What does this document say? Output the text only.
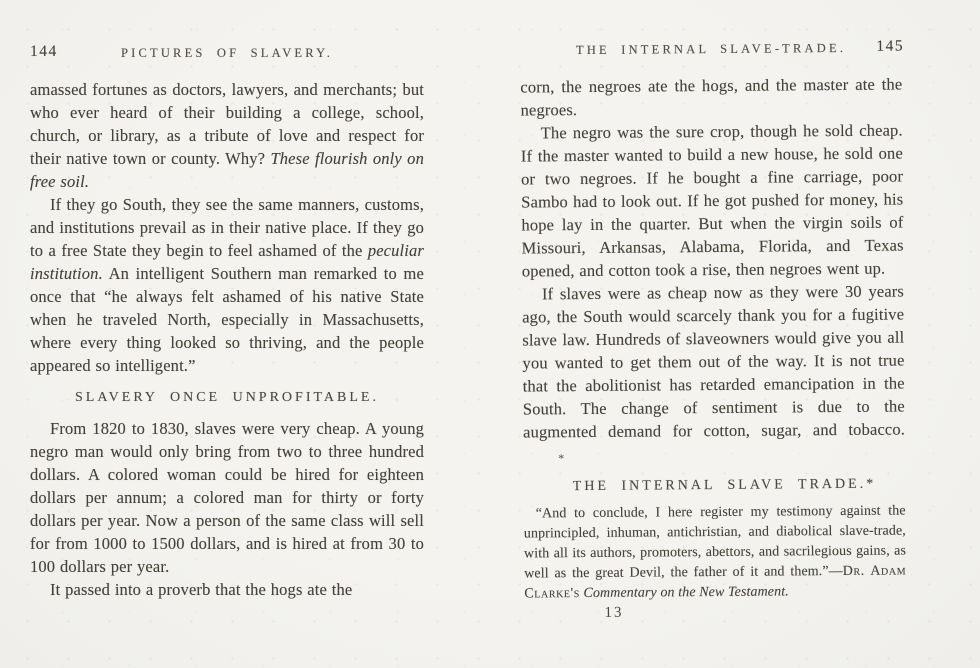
144	PICTURES OF SLAVERY.

amassed fortunes as doctors, lawyers, and merchants; but who ever heard of their building a college, school, church, or library, as a tribute of love and respect for their native town or county. Why? These flourish only on free soil.

If they go South, they see the same manners, customs, and institutions prevail as in their native place. If they go to a free State they begin to feel ashamed of the peculiar institution. An intelligent Southern man remarked to me once that “he always felt ashamed of his native State when he traveled North, especially in Massachusetts, where every thing looked so thriving, and the people appeared so intelligent.”

SLAVERY ONCE UNPROFITABLE.

From 1820 to 1830, slaves were very cheap. A young negro man would only bring from two to three hundred dollars. A colored woman could be hired for eighteen dollars per annum; a colored man for thirty or forty dollars per year. Now a person of the same class will sell for from 1000 to 1500 dollars, and is hired at from 30 to 100 dollars per year.

It passed into a proverb that the hogs ate the

THE INTERNAL SLAVE-TRADE.	145

corn, the negroes ate the hogs, and the master ate the negroes.

The negro was the sure crop, though he sold cheap. If the master wanted to build a new house, he sold one or two negroes. If he bought a fine carriage, poor Sambo had to look out. If he got pushed for money, his hope lay in the quarter. But when the virgin soils of Missouri, Arkansas, Alabama, Florida, and Texas opened, and cotton took a rise, then negroes went up.

If slaves were as cheap now as they were 30 years ago, the South would scarcely thank you for a fugitive slave law. Hundreds of slaveowners would give you all you wanted to get them out of the way. It is not true that the abolitionist has retarded emancipation in the South. The change of sentiment is due to the augmented demand for cotton, sugar, and tobacco.*

THE INTERNAL SLAVE TRADE.*

“And to conclude, I here register my testimony against the unprincipled, inhuman, antichristian, and diabolical slave-trade, with all its authors, promoters, abettors, and sacrilegious gains, as well as the great Devil, the father of it and them.”—Dr. Adam Clarke's Commentary on the New Testament.

13
